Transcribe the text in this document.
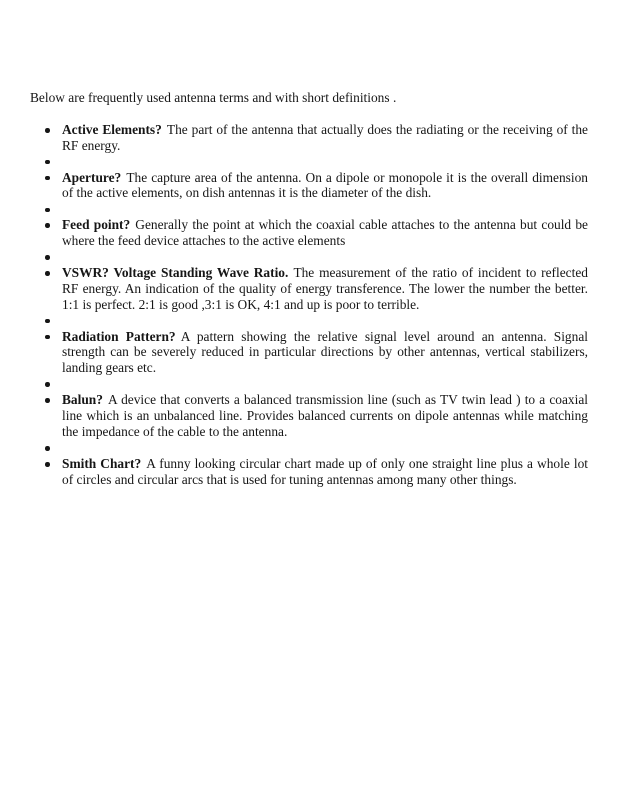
Below are frequently used antenna terms and with short definitions .

Active Elements? The part of the antenna that actually does the radiating or the receiving of the RF energy.
Aperture? The capture area of the antenna. On a dipole or monopole it is the overall dimension of the active elements, on dish antennas it is the diameter of the dish.
Feed point? Generally the point at which the coaxial cable attaches to the antenna but could be where the feed device attaches to the active elements
VSWR? Voltage Standing Wave Ratio. The measurement of the ratio of incident to reflected RF energy. An indication of the quality of energy transference. The lower the number the better. 1:1 is perfect. 2:1 is good ,3:1 is OK, 4:1 and up is poor to terrible.
Radiation Pattern? A pattern showing the relative signal level around an antenna. Signal strength can be severely reduced in particular directions by other antennas, vertical stabilizers, landing gears etc.
Balun? A device that converts a balanced transmission line (such as TV twin lead ) to a coaxial line which is an unbalanced line. Provides balanced currents on dipole antennas while matching the impedance of the cable to the antenna.
Smith Chart? A funny looking circular chart made up of only one straight line plus a whole lot of circles and circular arcs that is used for tuning antennas among many other things.
